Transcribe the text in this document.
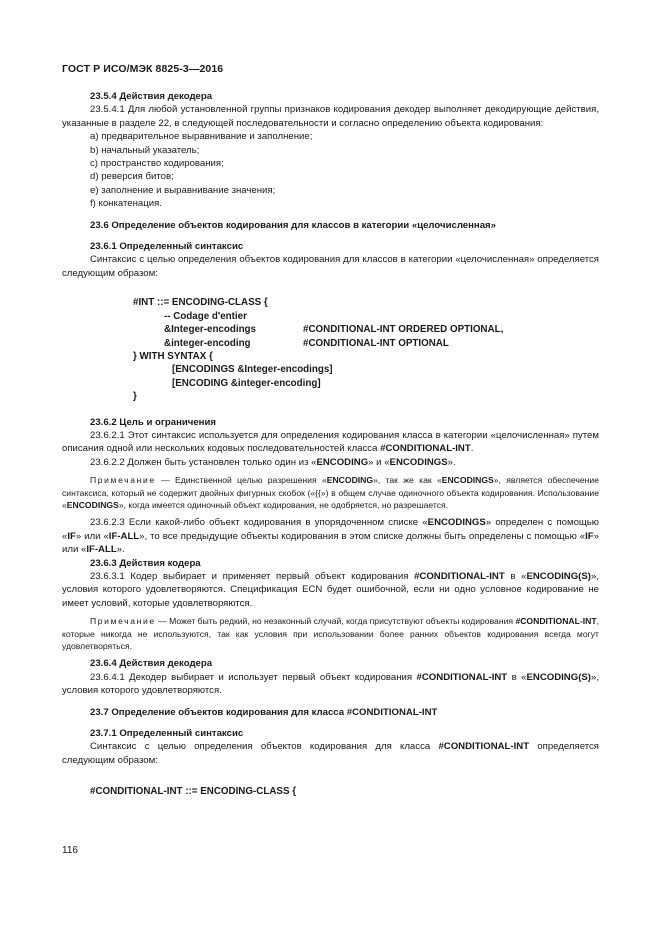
ГОСТ Р ИСО/МЭК 8825-3—2016

23.5.4 Действия декодера

23.5.4.1 Для любой установленной группы признаков кодирования декодер выполняет декодирующие действия, указанные в разделе 22, в следующей последовательности и согласно определению объекта кодирования:

a) предварительное выравнивание и заполнение;

b) начальный указатель;

c) пространство кодирования;

d) реверсия битов;

e) заполнение и выравнивание значения;

f) конкатенация.

23.6 Определение объектов кодирования для классов в категории «целочисленная»

23.6.1 Определенный синтаксис

Синтаксис с целью определения объектов кодирования для классов в категории «целочисленная» определяется следующим образом:

#INT ::= ENCODING-CLASS {
-- Codage d'entier
&Integer-encodings	#CONDITIONAL-INT ORDERED OPTIONAL,
&integer-encoding	#CONDITIONAL-INT OPTIONAL
} WITH SYNTAX {
[ENCODINGS &Integer-encodings]
[ENCODING &integer-encoding]
}

23.6.2 Цель и ограничения

23.6.2.1 Этот синтаксис используется для определения кодирования класса в категории «целочисленная» путем описания одной или нескольких кодовых последовательностей класса #CONDITIONAL-INT.

23.6.2.2 Должен быть установлен только один из «ENCODING» и «ENCODINGS».

Примечание — Единственной целью разрешения «ENCODING», так же как «ENCODINGS», является обеспечение синтаксиса, который не содержит двойных фигурных скобок («{{») в общем случае одиночного объекта кодирования. Использование «ENCODINGS», когда имеется одиночный объект кодирования, не одобряется, но разрешается.

23.6.2.3 Если какой-либо объект кодирования в упорядоченном списке «ENCODINGS» определен с помощью «IF» или «IF-ALL», то все предыдущие объекты кодирования в этом списке должны быть определены с помощью «IF» или «IF-ALL».

23.6.3 Действия кодера

23.6.3.1 Кодер выбирает и применяет первый объект кодирования #CONDITIONAL-INT в «ENCODING(S)», условия которого удовлетворяются. Спецификация ECN будет ошибочной, если ни одно условное кодирование не имеет условий, которые удовлетворяются.

Примечание — Может быть редкий, но незаконный случай, когда присутствуют объекты кодирования #CONDITIONAL-INT, которые никогда не используются, так как условия при использовании более ранних объектов кодирования всегда могут удовлетворяться.

23.6.4 Действия декодера

23.6.4.1 Декодер выбирает и использует первый объект кодирования #CONDITIONAL-INT в «ENCODING(S)», условия которого удовлетворяются.

23.7 Определение объектов кодирования для класса #CONDITIONAL-INT

23.7.1 Определенный синтаксис

Синтаксис с целью определения объектов кодирования для класса #CONDITIONAL-INT определяется следующим образом:

#CONDITIONAL-INT ::= ENCODING-CLASS {
116
